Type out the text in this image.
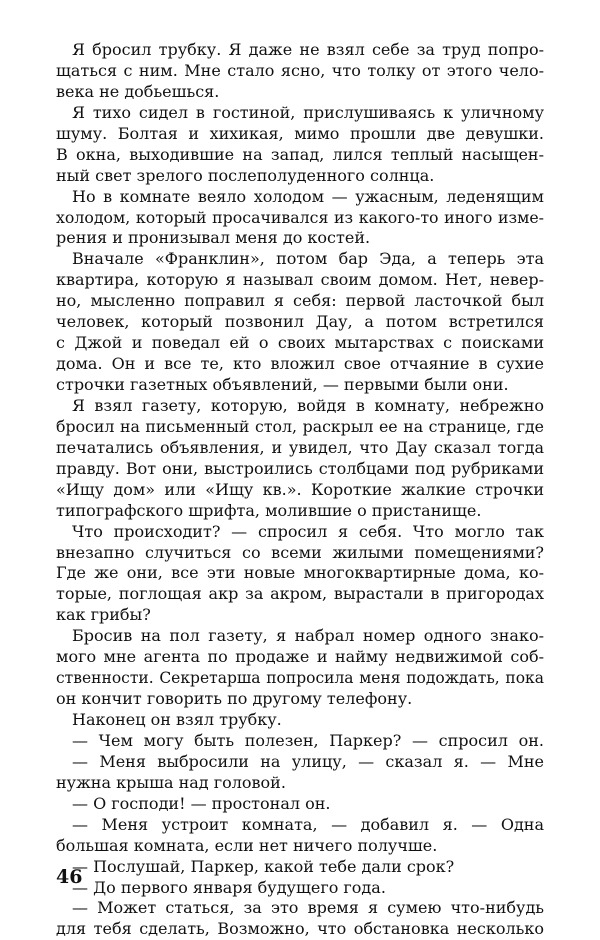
Я бросил трубку. Я даже не взял себе за труд попро-
щаться с ним. Мне стало ясно, что толку от этого чело-
века не добьешься.
Я тихо сидел в гостиной, прислушиваясь к уличному
шуму. Болтая и хихикая, мимо прошли две девушки.
В окна, выходившие на запад, лился теплый насыщен-
ный свет зрелого послеполуденного солнца.
Но в комнате веяло холодом — ужасным, леденящим
холодом, который просачивался из какого-то иного изме-
рения и пронизывал меня до костей.
Вначале «Франклин», потом бар Эда, а теперь эта
квартира, которую я называл своим домом. Нет, невер-
но, мысленно поправил я себя: первой ласточкой был
человек, который позвонил Дау, а потом встретился
с Джой и поведал ей о своих мытарствах с поисками
дома. Он и все те, кто вложил свое отчаяние в сухие
строчки газетных объявлений, — первыми были они.
Я взял газету, которую, войдя в комнату, небрежно
бросил на письменный стол, раскрыл ее на странице, где
печатались объявления, и увидел, что Дау сказал тогда
правду. Вот они, выстроились столбцами под рубриками
«Ищу дом» или «Ищу кв.». Короткие жалкие строчки
типографского шрифта, молившие о пристанище.
Что происходит? — спросил я себя. Что могло так
внезапно случиться со всеми жилыми помещениями?
Где же они, все эти новые многоквартирные дома, ко-
торые, поглощая акр за акром, вырастали в пригородах
как грибы?
Бросив на пол газету, я набрал номер одного знако-
мого мне агента по продаже и найму недвижимой соб-
ственности. Секретарша попросила меня подождать, пока
он кончит говорить по другому телефону.
Наконец он взял трубку.
— Чем могу быть полезен, Паркер? — спросил он.
— Меня выбросили на улицу, — сказал я. — Мне
нужна крыша над головой.
— О господи! — простонал он.
— Меня устроит комната, — добавил я. — Одна
большая комната, если нет ничего получше.
— Послушай, Паркер, какой тебе дали срок?
— До первого января будущего года.
— Может статься, за это время я сумею что-нибудь
для тебя сделать, Возможно, что обстановка несколько
46
